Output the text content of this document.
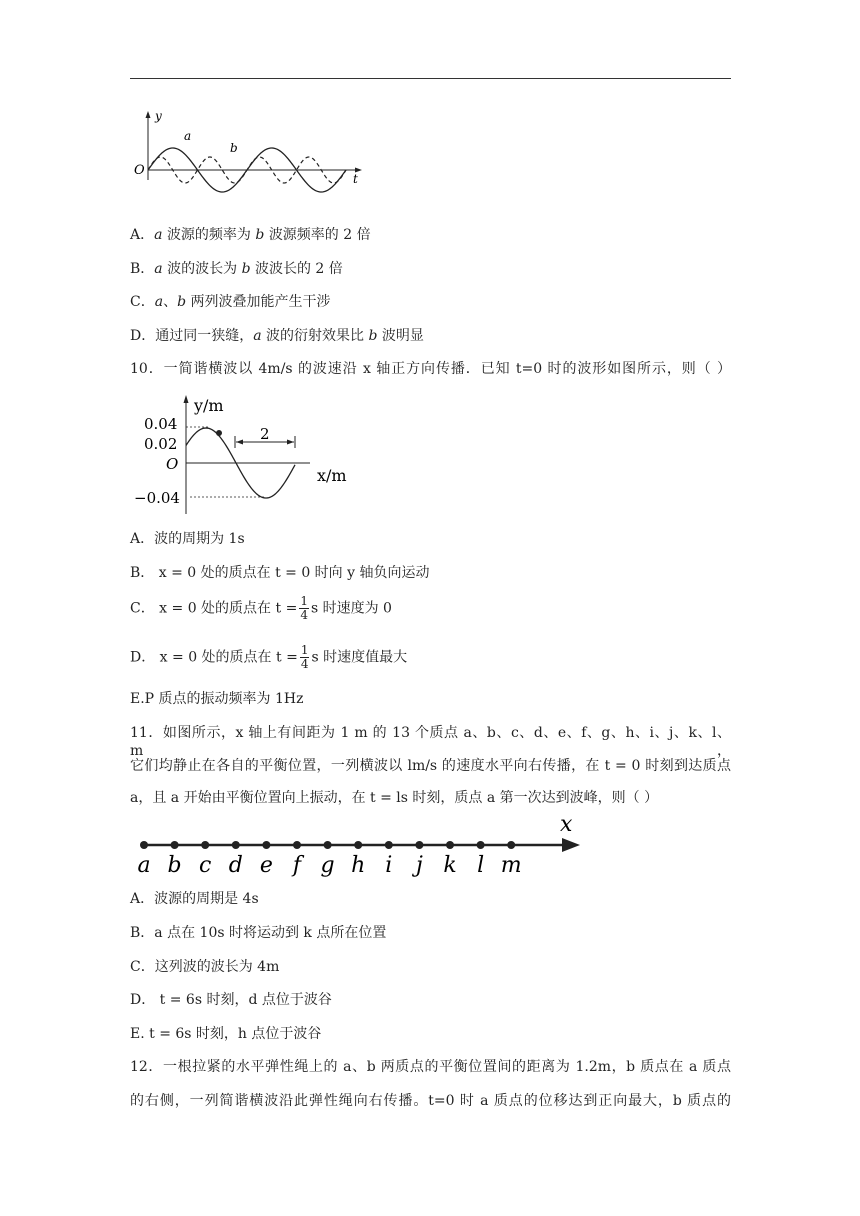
y
O
t
a
b
A．a 波源的频率为 b 波源频率的 2 倍
B．a 波的波长为 b 波波长的 2 倍
C．a、b 两列波叠加能产生干涉
D．通过同一狭缝，a 波的衍射效果比 b 波明显
10．一简谐横波以 4m/s 的波速沿 x 轴正方向传播．已知 t=0 时的波形如图所示，则（ ）
2
y/m
0.04
0.02
O
−0.04
x/m
A．波的周期为 1s
B． x = 0 处的质点在 t = 0 时向 y 轴负向运动
C． x = 0 处的质点在 $t = \frac{1}{4}$ s 时速度为 0
D． x = 0 处的质点在 $t = \frac{1}{4}$ s 时速度值最大
E.P 质点的振动频率为 1Hz
11．如图所示，x 轴上有间距为 1 m 的 13 个质点 a、b、c、d、e、f、g、h、i、j、k、l、m，
它们均静止在各自的平衡位置，一列横波以 lm/s 的速度水平向右传播，在 t = 0 时刻到达质点
a，且 a 开始由平衡位置向上振动，在 t = ls 时刻，质点 a 第一次达到波峰，则（ ）
x
a b c d e f g h i j k l m
A．波源的周期是 4s
B．a 点在 10s 时将运动到 k 点所在位置
C．这列波的波长为 4m
D． t = 6s 时刻，d 点位于波谷
E. t = 6s 时刻，h 点位于波谷
12．一根拉紧的水平弹性绳上的 a、b 两质点的平衡位置间的距离为 1.2m，b 质点在 a 质点
的右侧，一列简谐横波沿此弹性绳向右传播。t=0 时 a 质点的位移达到正向最大，b 质点的
